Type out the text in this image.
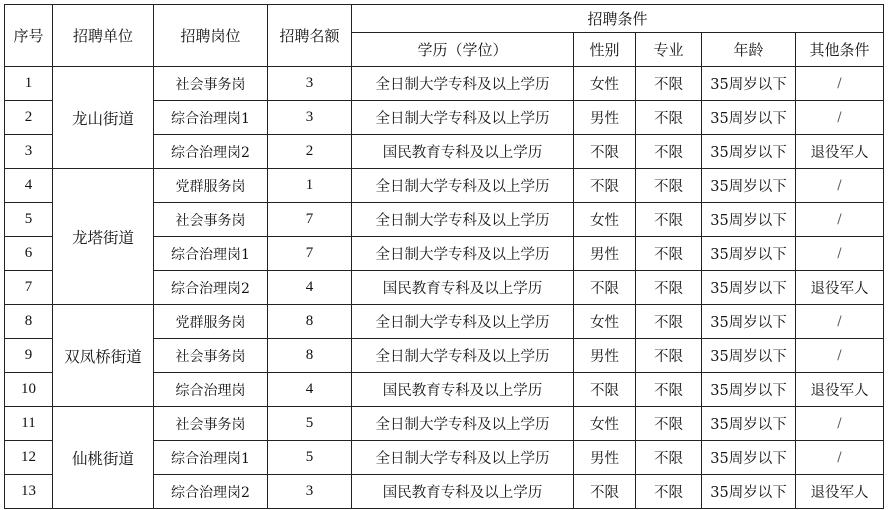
序号	招聘单位	招聘岗位	招聘名额	招聘条件				
				学历（学位）	性别	专业	年龄	其他条件
1	龙山街道	社会事务岗	3	全日制大学专科及以上学历	女性	不限	35周岁以下	/
2		综合治理岗1	3	全日制大学专科及以上学历	男性	不限	35周岁以下	/
3		综合治理岗2	2	国民教育专科及以上学历	不限	不限	35周岁以下	退役军人
4	龙塔街道	党群服务岗	1	全日制大学专科及以上学历	不限	不限	35周岁以下	/
5		社会事务岗	7	全日制大学专科及以上学历	女性	不限	35周岁以下	/
6		综合治理岗1	7	全日制大学专科及以上学历	男性	不限	35周岁以下	/
7		综合治理岗2	4	国民教育专科及以上学历	不限	不限	35周岁以下	退役军人
8	双凤桥街道	党群服务岗	8	全日制大学专科及以上学历	女性	不限	35周岁以下	/
9		社会事务岗	8	全日制大学专科及以上学历	男性	不限	35周岁以下	/
10		综合治理岗	4	国民教育专科及以上学历	不限	不限	35周岁以下	退役军人
11	仙桃街道	社会事务岗	5	全日制大学专科及以上学历	女性	不限	35周岁以下	/
12		综合治理岗1	5	全日制大学专科及以上学历	男性	不限	35周岁以下	/
13		综合治理岗2	3	国民教育专科及以上学历	不限	不限	35周岁以下	退役军人
